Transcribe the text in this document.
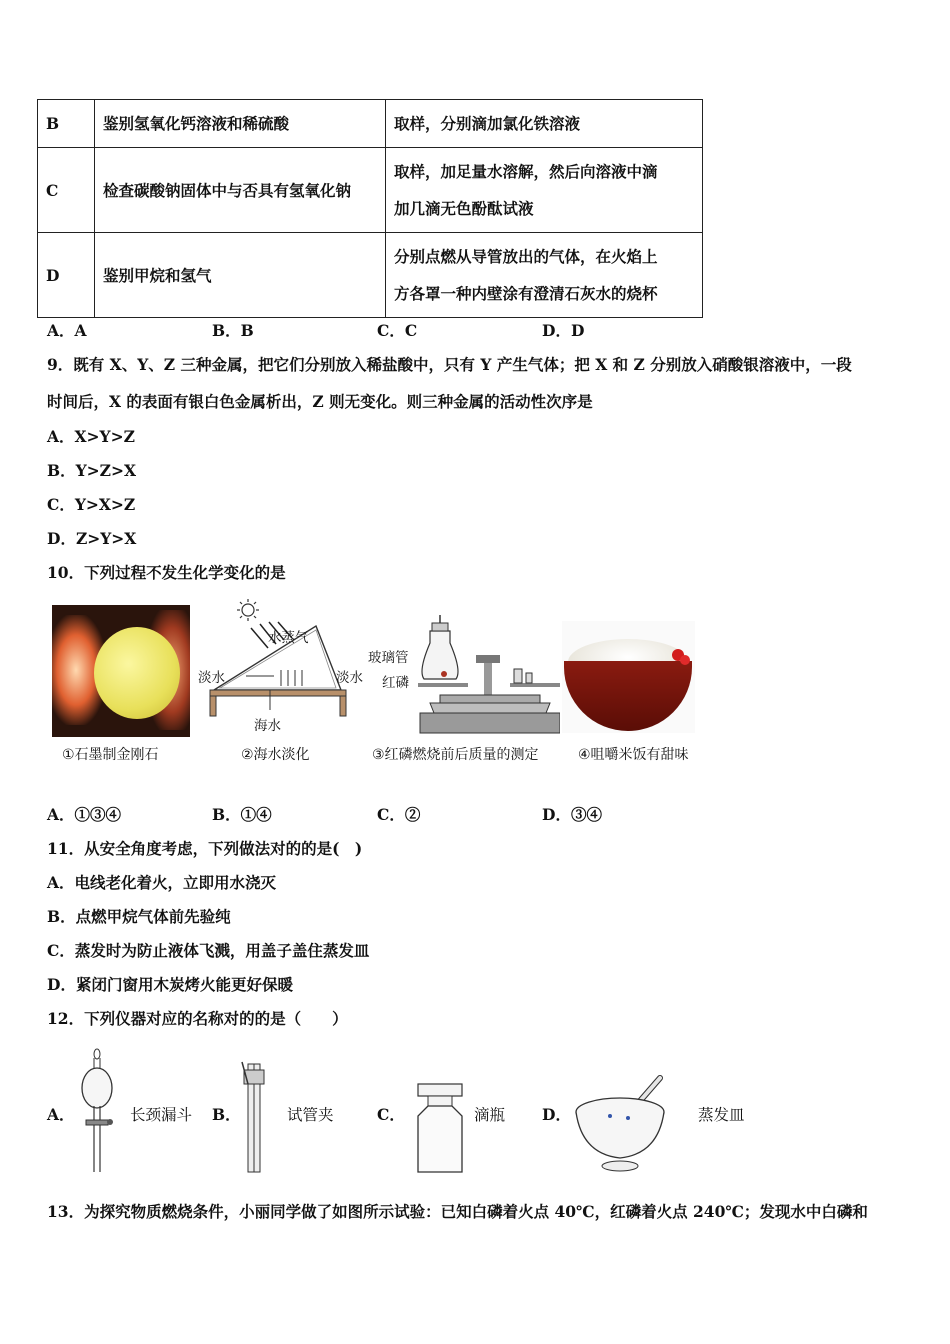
B	鉴别氢氧化钙溶液和稀硫酸	取样，分别滴加氯化铁溶液

C	检查碳酸钠固体中与否具有氢氧化钠	取样，加足量水溶解，然后向溶液中滴
加几滴无色酚酞试液

D	鉴别甲烷和氢气	分别点燃从导管放出的气体，在火焰上
方各罩一种内壁涂有澄清石灰水的烧杯
A．A	B．B	C．C	D．D
9．既有 X、Y、Z 三种金属，把它们分别放入稀盐酸中，只有 Y 产生气体；把 X 和 Z 分别放入硝酸银溶液中，一段
时间后，X 的表面有银白色金属析出，Z 则无变化。则三种金属的活动性次序是
A．X>Y>Z
B．Y>Z>X
C．Y>X>Z
D．Z>Y>X
10．下列过程不发生化学变化的是
①石墨制金刚石
淡水
水蒸气
淡水
海水
②海水淡化
玻璃管
红磷
③红磷燃烧前后质量的测定	④咀嚼米饭有甜味
A．①③④	B．①④	C．②	D．③④
11．从安全角度考虑，下列做法对的的是(　)
A．电线老化着火，立即用水浇灭
B．点燃甲烷气体前先验纯
C．蒸发时为防止液体飞溅，用盖子盖住蒸发皿
D．紧闭门窗用木炭烤火能更好保暖
12．下列仪器对应的名称对的的是（　　）
A．	长颈漏斗 B．	试管夹	C．	滴瓶 D．	蒸发皿
13．为探究物质燃烧条件，小丽同学做了如图所示试验：已知白磷着火点 40℃，红磷着火点 240℃；发现水中白磷和
